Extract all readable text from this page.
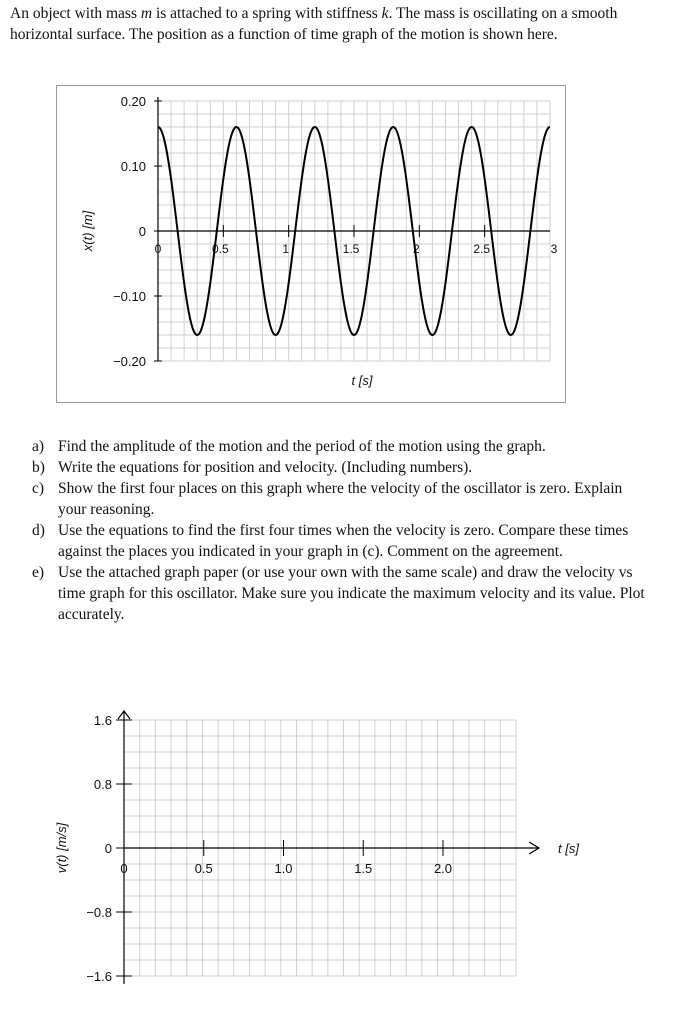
An object with mass m is attached to a spring with stiffness k. The mass is oscillating on a smooth horizontal surface. The position as a function of time graph of the motion is shown here.

0.20
0.10
0
−0.10
−0.20
0	0.5	1	1.5	2	2.5	3
x(t) [m]
t [s]
a) Find the amplitude of the motion and the period of the motion using the graph.
b) Write the equations for position and velocity. (Including numbers).
c) Show the first four places on this graph where the velocity of the oscillator is zero. Explain your reasoning.
d) Use the equations to find the first four times when the velocity is zero. Compare these times against the places you indicated in your graph in (c). Comment on the agreement.
e) Use the attached graph paper (or use your own with the same scale) and draw the velocity vs time graph for this oscillator. Make sure you indicate the maximum velocity and its value. Plot accurately.
1.6
0.8
0
−0.8
−1.6
0	0.5	1.0	1.5	2.0
v(t) [m/s]	t [s]
